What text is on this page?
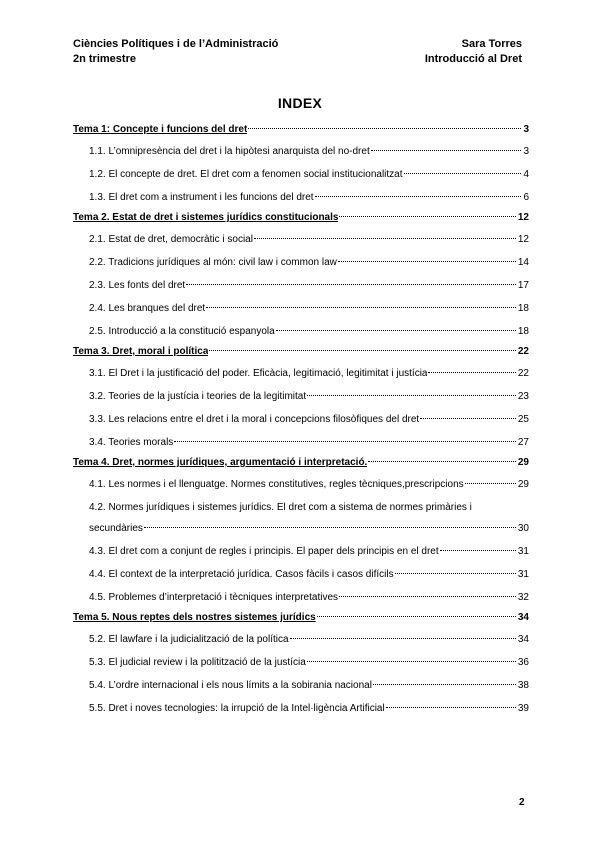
Ciències Polítiques i de l’Administració	Sara Torres
2n trimestre	Introducció al Dret
INDEX
Tema 1: Concepte i funcions del dret	3
1.1. L’omnipresència del dret i la hipòtesi anarquista del no-dret	3
1.2. El concepte de dret. El dret com a fenomen social institucionalitzat	4
1.3. El dret com a instrument i les funcions del dret	6
Tema 2. Estat de dret i sistemes jurídics constitucionals	12
2.1. Estat de dret, democràtic i social	12
2.2. Tradicions jurídiques al món: civil law i common law	14
2.3. Les fonts del dret	17
2.4. Les branques del dret	18
2.5. Introducció a la constitució espanyola	18
Tema 3. Dret, moral i política	22
3.1. El Dret i la justificació del poder. Eficàcia, legitimació, legitimitat i justícia	22
3.2. Teories de la justícia i teories de la legitimitat	23
3.3. Les relacions entre el dret i la moral i concepcions filosòfiques del dret	25
3.4. Teories morals	27
Tema 4. Dret, normes jurídiques, argumentació i interpretació.	29
4.1. Les normes i el llenguatge. Normes constitutives, regles tècniques,prescripcions	29
4.2. Normes jurídiques i sistemes jurídics. El dret com a sistema de normes primàries i
secundàries	30
4.3. El dret com a conjunt de regles i principis. El paper dels principis en el dret	31
4.4. El context de la interpretació jurídica. Casos fàcils i casos difícils	31
4.5. Problemes d’interpretació i tècniques interpretatives	32
Tema 5. Nous reptes dels nostres sistemes jurídics	34
5.2. El lawfare i la judicialització de la política	34
5.3. El judicial review i la politització de la justícia	36
5.4. L’ordre internacional i els nous límits a la sobirania nacional	38
5.5. Dret i noves tecnologies: la irrupció de la Intel·ligència Artificial	39
2
